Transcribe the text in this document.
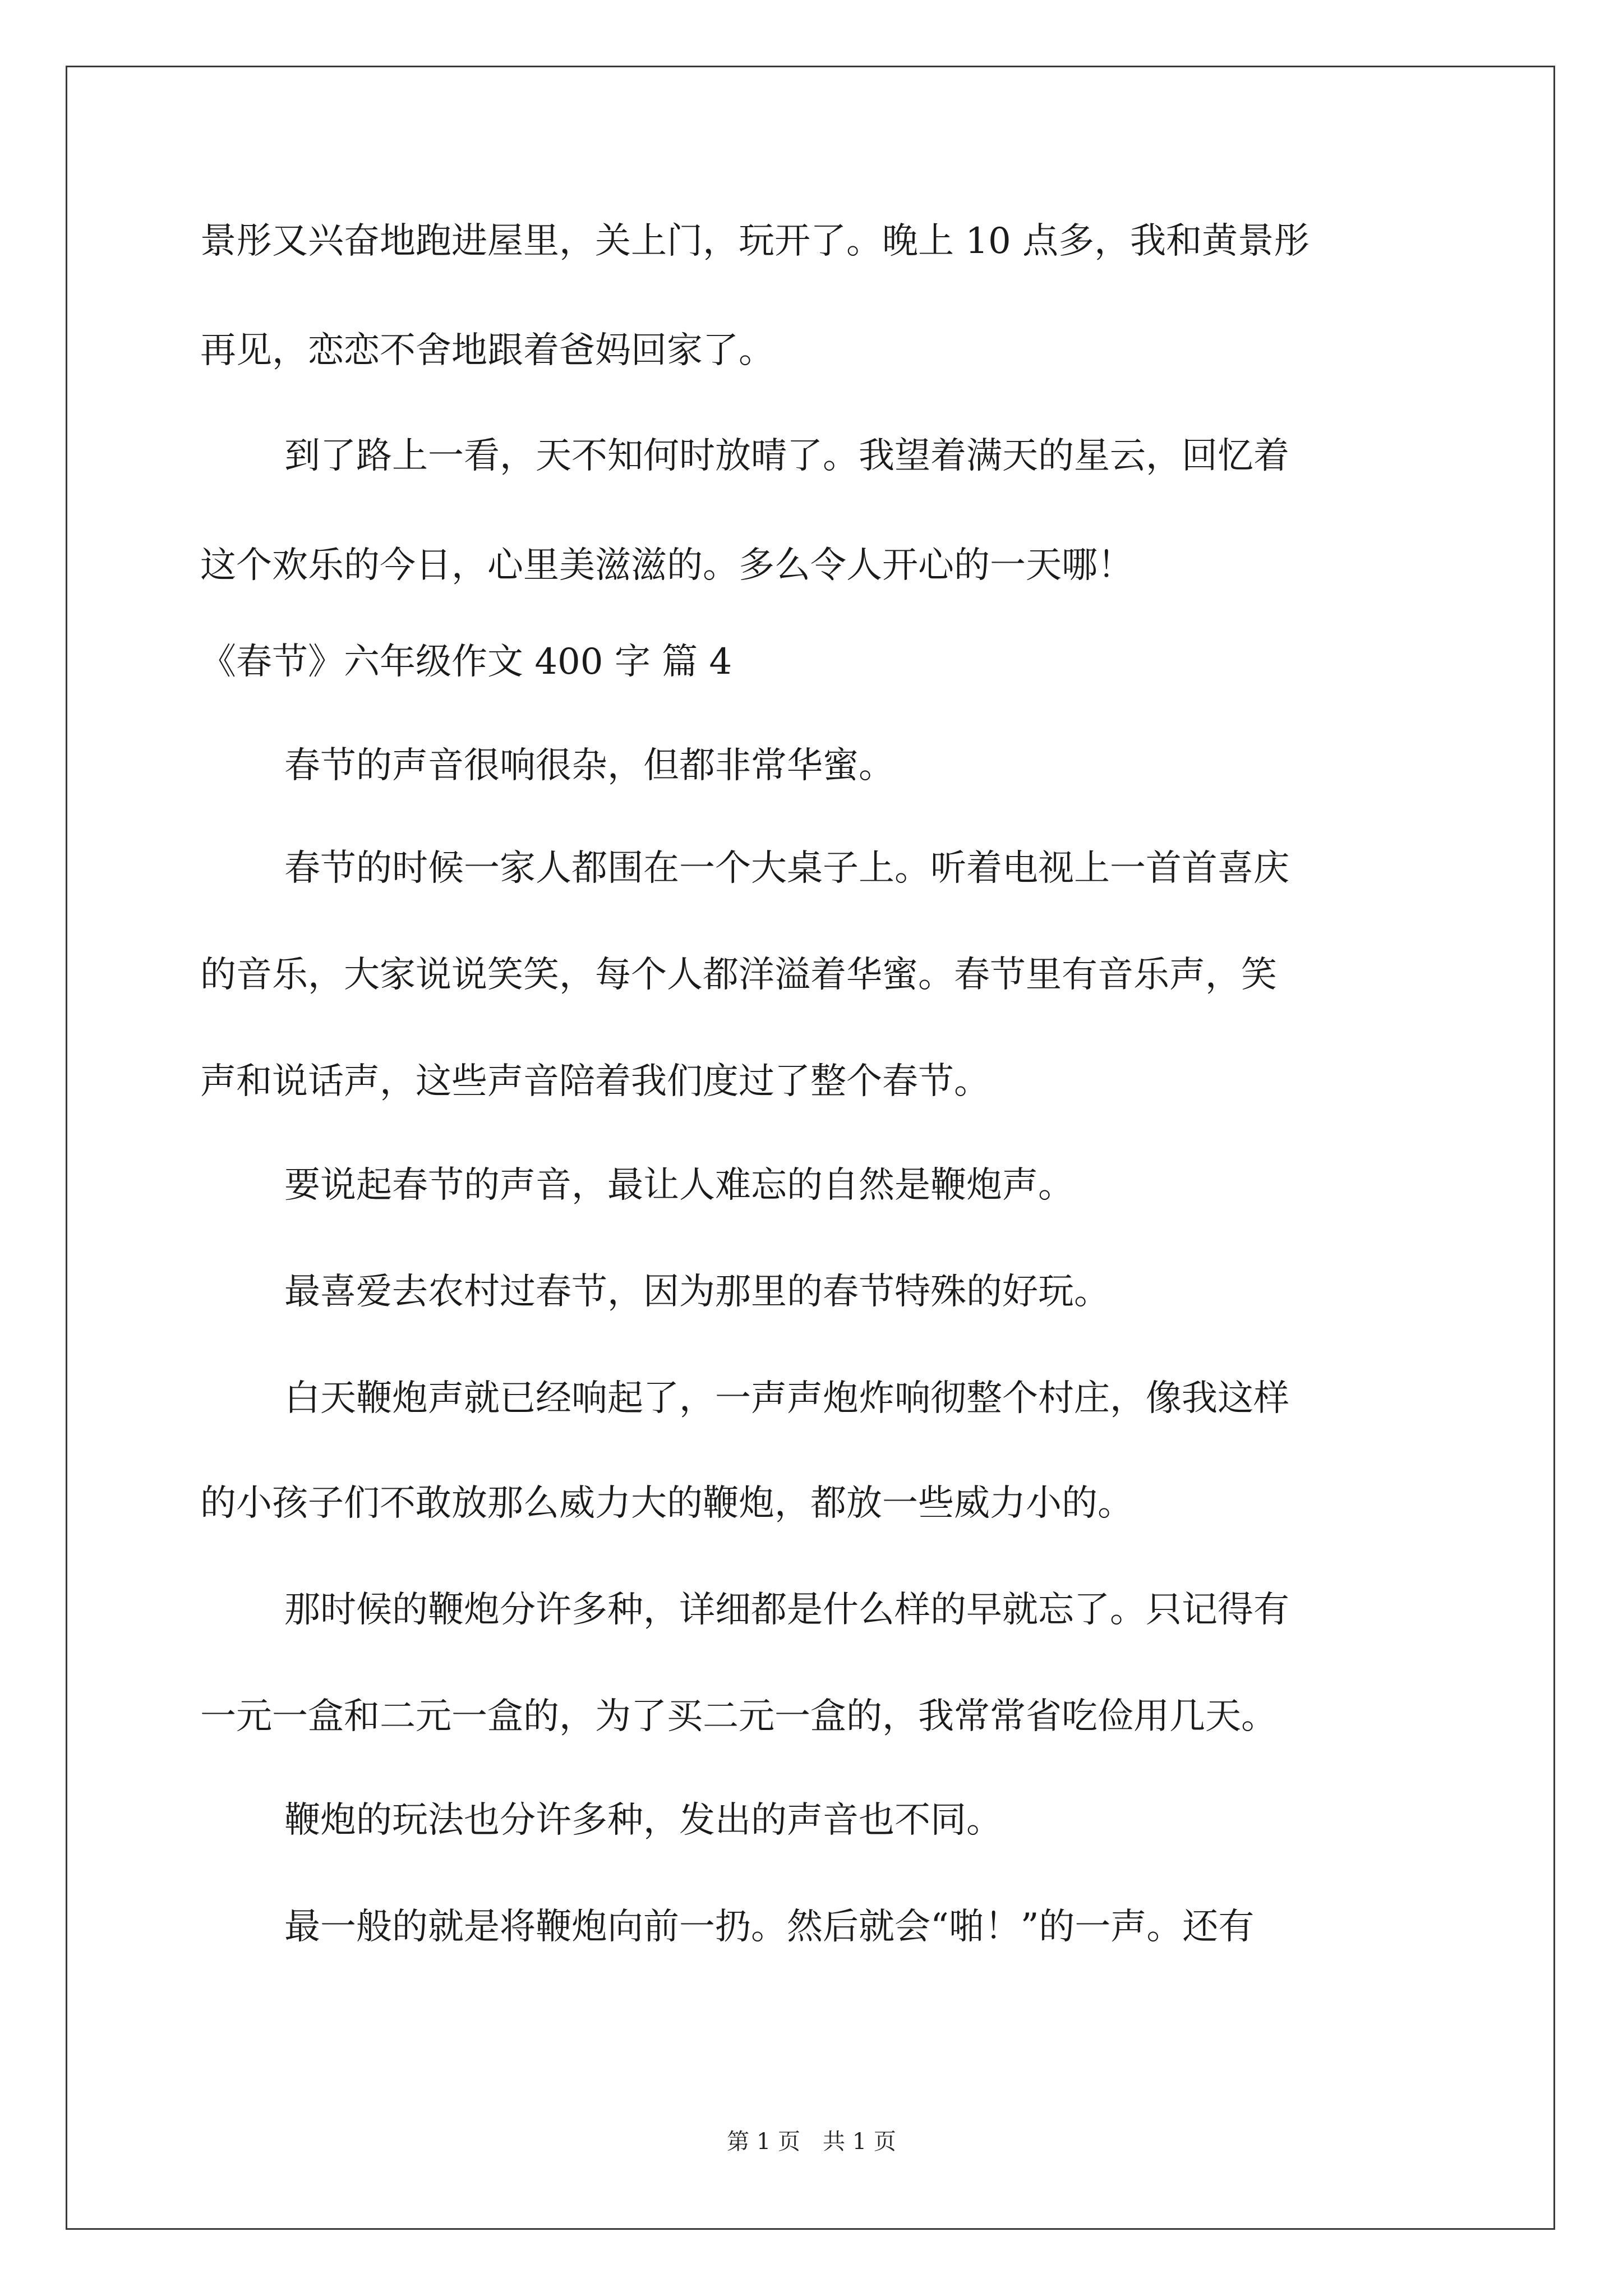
景彤又兴奋地跑进屋里，关上门，玩开了。晚上 10 点多，我和黄景彤
再见，恋恋不舍地跟着爸妈回家了。
到了路上一看，天不知何时放晴了。我望着满天的星云，回忆着
这个欢乐的今日，心里美滋滋的。多么令人开心的一天哪！
《春节》六年级作文 400 字 篇 4
春节的声音很响很杂，但都非常华蜜。
春节的时候一家人都围在一个大桌子上。听着电视上一首首喜庆
的音乐，大家说说笑笑，每个人都洋溢着华蜜。春节里有音乐声，笑
声和说话声，这些声音陪着我们度过了整个春节。
要说起春节的声音，最让人难忘的自然是鞭炮声。
最喜爱去农村过春节，因为那里的春节特殊的好玩。
白天鞭炮声就已经响起了，一声声炮炸响彻整个村庄，像我这样
的小孩子们不敢放那么威力大的鞭炮，都放一些威力小的。
那时候的鞭炮分许多种，详细都是什么样的早就忘了。只记得有
一元一盒和二元一盒的，为了买二元一盒的，我常常省吃俭用几天。
鞭炮的玩法也分许多种，发出的声音也不同。
最一般的就是将鞭炮向前一扔。然后就会“啪！”的一声。还有
第 1 页 共 1 页
